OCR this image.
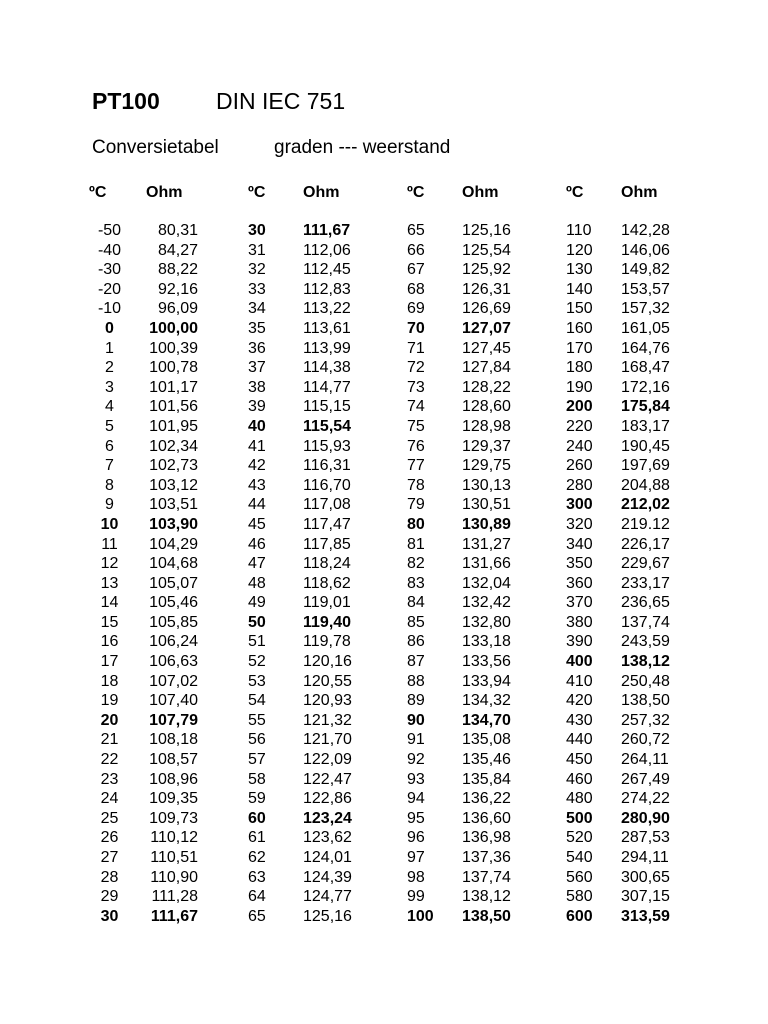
PT100 DIN IEC 751
Conversietabel	graden --- weerstand
ºC Ohm
-50 80,31
-40 84,27
-30 88,22
-20 92,16
-10 96,09
0 100,00
1 100,39
2 100,78
3 101,17
4 101,56
5 101,95
6 102,34
7 102,73
8 103,12
9 103,51
10 103,90
11 104,29
12 104,68
13 105,07
14 105,46
15 105,85
16 106,24
17 106,63
18 107,02
19 107,40
20 107,79
21 108,18
22 108,57
23 108,96
24 109,35
25 109,73
26 110,12
27 110,51
28 110,90
29 111,28
30 111,67
ºC Ohm
30 111,67
31 112,06
32 112,45
33 112,83
34 113,22
35 113,61
36 113,99
37 114,38
38 114,77
39 115,15
40 115,54
41 115,93
42 116,31
43 116,70
44 117,08
45 117,47
46 117,85
47 118,24
48 118,62
49 119,01
50 119,40
51 119,78
52 120,16
53 120,55
54 120,93
55 121,32
56 121,70
57 122,09
58 122,47
59 122,86
60 123,24
61 123,62
62 124,01
63 124,39
64 124,77
65 125,16
ºC Ohm
65 125,16
66 125,54
67 125,92
68 126,31
69 126,69
70 127,07
71 127,45
72 127,84
73 128,22
74 128,60
75 128,98
76 129,37
77 129,75
78 130,13
79 130,51
80 130,89
81 131,27
82 131,66
83 132,04
84 132,42
85 132,80
86 133,18
87 133,56
88 133,94
89 134,32
90 134,70
91 135,08
92 135,46
93 135,84
94 136,22
95 136,60
96 136,98
97 137,36
98 137,74
99 138,12
100 138,50
ºC Ohm
110 142,28
120 146,06
130 149,82
140 153,57
150 157,32
160 161,05
170 164,76
180 168,47
190 172,16
200 175,84
220 183,17
240 190,45
260 197,69
280 204,88
300 212,02
320 219.12
340 226,17
350 229,67
360 233,17
370 236,65
380 137,74
390 243,59
400 138,12
410 250,48
420 138,50
430 257,32
440 260,72
450 264,11
460 267,49
480 274,22
500 280,90
520 287,53
540 294,11
560 300,65
580 307,15
600 313,59
